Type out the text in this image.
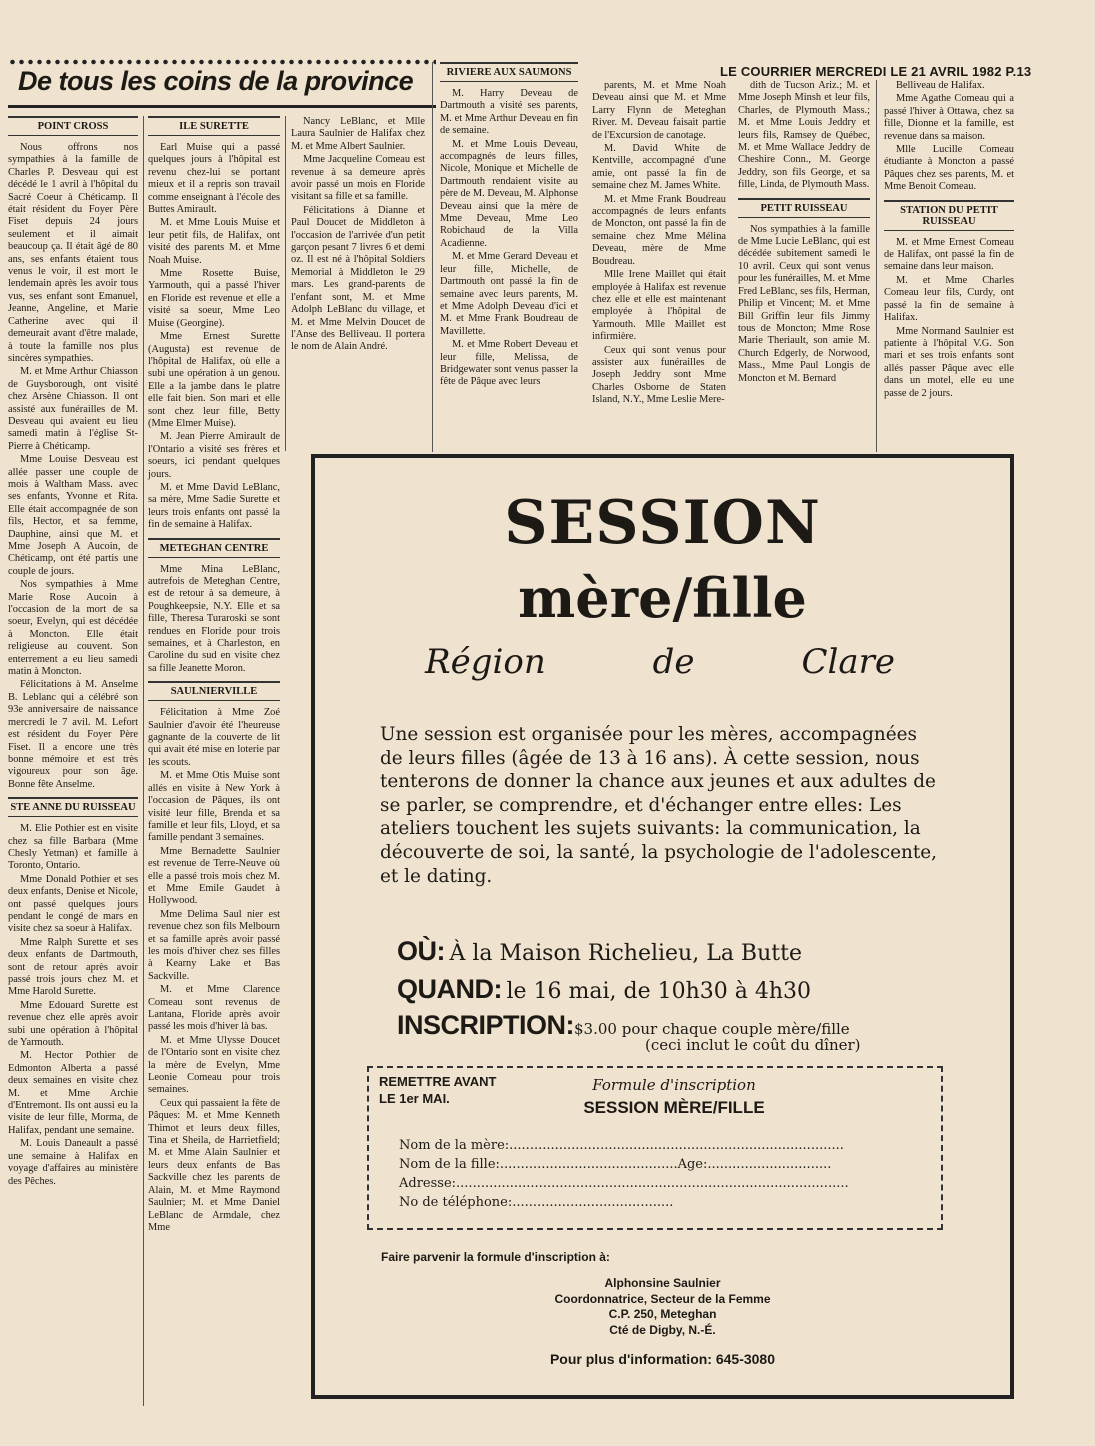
De tous les coins de la province	LE COURRIER MERCREDI LE 21 AVRIL 1982 P.13
POINT CROSS

Nous offrons nos sympathies à la famille de Charles P. Desveau qui est décédé le 1 avril à l'hôpital du Sacré Coeur à Chéticamp. Il était résident du Foyer Père Fiset depuis 24 jours seulement et il aimait beaucoup ça. Il était âgé de 80 ans, ses enfants étaient tous venus le voir, il est mort le lendemain après les avoir tous vus, ses enfant sont Emanuel, Jeanne, Angeline, et Marie Catherine avec qui il demeurait avant d'être malade, à toute la famille nos plus sincères sympathies.

M. et Mme Arthur Chiasson de Guysborough, ont visité chez Arsène Chiasson. Il ont assisté aux funérailles de M. Desveau qui avaient eu lieu samedi matin à l'église St-Pierre à Chéticamp.

Mme Louise Desveau est allée passer une couple de mois à Waltham Mass. avec ses enfants, Yvonne et Rita. Elle était accompagnée de son fils, Hector, et sa femme, Dauphine, ainsi que M. et Mme Joseph A Aucoin, de Chéticamp, ont été partis une couple de jours.

Nos sympathies à Mme Marie Rose Aucoin à l'occasion de la mort de sa soeur, Evelyn, qui est décédée à Moncton. Elle était religieuse au couvent. Son enterrement a eu lieu samedi matin à Moncton.

Félicitations à M. Anselme B. Leblanc qui a célébré son 93e anniversaire de naissance mercredi le 7 avil. M. Lefort est résident du Foyer Père Fiset. Il a encore une très bonne mémoire et est très vigoureux pour son âge. Bonne fête Anselme.

STE ANNE DU RUISSEAU

M. Elie Pothier est en visite chez sa fille Barbara (Mme Chesly Yetman) et famille à Toronto, Ontario.

Mme Donald Pothier et ses deux enfants, Denise et Nicole, ont passé quelques jours pendant le congé de mars en visite chez sa soeur à Halifax.

Mme Ralph Surette et ses deux enfants de Dartmouth, sont de retour après avoir passé trois jours chez M. et Mme Harold Surette.

Mme Edouard Surette est revenue chez elle après avoir subi une opération à l'hôpital de Yarmouth.

M. Hector Pothier de Edmonton Alberta a passé deux semaines en visite chez M. et Mme Archie d'Entremont. Ils ont aussi eu la visite de leur fille, Morma, de Halifax, pendant une semaine.

M. Louis Daneault a passé une semaine à Halifax en voyage d'affaires au ministère des Pêches.

ILE SURETTE

Earl Muise qui a passé quelques jours à l'hôpital est revenu chez-lui se portant mieux et il a repris son travail comme enseignant à l'école des Buttes Amirault.

M. et Mme Louis Muise et leur petit fils, de Halifax, ont visité des parents M. et Mme Noah Muise.

Mme Rosette Buise, Yarmouth, qui a passé l'hiver en Floride est revenue et elle a visité sa soeur, Mme Leo Muise (Georgine).

Mme Ernest Surette (Augusta) est revenue de l'hôpital de Halifax, où elle a subi une opération à un genou. Elle a la jambe dans le platre elle fait bien. Son mari et elle sont chez leur fille, Betty (Mme Elmer Muise).

M. Jean Pierre Amirault de l'Ontario a visité ses frères et soeurs, ici pendant quelques jours.

M. et Mme David LeBlanc, sa mère, Mme Sadie Surette et leurs trois enfants ont passé la fin de semaine à Halifax.

METEGHAN CENTRE

Mme Mina LeBlanc, autrefois de Meteghan Centre, est de retour à sa demeure, à Poughkeepsie, N.Y. Elle et sa fille, Theresa Turaroski se sont rendues en Floride pour trois semaines, et à Charleston, en Caroline du sud en visite chez sa fille Jeanette Moron.

SAULNIERVILLE

Félicitation à Mme Zoé Saulnier d'avoir été l'heureuse gagnante de la couverte de lit qui avait été mise en loterie par les scouts.

M. et Mme Otis Muise sont allés en visite à New York à l'occasion de Pâques, ils ont visité leur fille, Brenda et sa famille et leur fils, Lloyd, et sa famille pendant 3 semaines.

Mme Bernadette Saulnier est revenue de Terre-Neuve où elle a passé trois mois chez M. et Mme Emile Gaudet à Hollywood.

Mme Delima Saul nier est revenue chez son fils Melbourn et sa famille après avoir passé les mois d'hiver chez ses filles à Kearny Lake et Bas Sackville.

M. et Mme Clarence Comeau sont revenus de Lantana, Floride après avoir passé les mois d'hiver là bas.

M. et Mme Ulysse Doucet de l'Ontario sont en visite chez la mère de Evelyn, Mme Leonie Comeau pour trois semaines.

Ceux qui passaient la fête de Pâques: M. et Mme Kenneth Thimot et leurs deux filles, Tina et Sheila, de Harrietfield; M. et Mme Alain Saulnier et leurs deux enfants de Bas Sackville chez les parents de Alain, M. et Mme Raymond Saulnier; M. et Mme Daniel LeBlanc de Armdale, chez Mme

Nancy LeBlanc, et Mlle Laura Saulnier de Halifax chez M. et Mme Albert Saulnier.

Mme Jacqueline Comeau est revenue à sa demeure après avoir passé un mois en Floride visitant sa fille et sa famille.

Félicitations à Dianne et Paul Doucet de Middleton à l'occasion de l'arrivée d'un petit garçon pesant 7 livres 6 et demi oz. Il est né à l'hôpital Soldiers Memorial à Middleton le 29 mars. Les grand-parents de l'enfant sont, M. et Mme Adolph LeBlanc du village, et M. et Mme Melvin Doucet de l'Anse des Belliveau. Il portera le nom de Alain André.

RIVIERE AUX SAUMONS

M. Harry Deveau de Dartmouth a visité ses parents, M. et Mme Arthur Deveau en fin de semaine.

M. et Mme Louis Deveau, accompagnés de leurs filles, Nicole, Monique et Michelle de Dartmouth rendaient visite au père de M. Deveau, M. Alphonse Deveau ainsi que la mère de Mme Deveau, Mme Leo Robichaud de la Villa Acadienne.

M. et Mme Gerard Deveau et leur fille, Michelle, de Dartmouth ont passé la fin de semaine avec leurs parents, M. et Mme Adolph Deveau d'ici et M. et Mme Frank Boudreau de Mavillette.

M. et Mme Robert Deveau et leur fille, Melissa, de Bridgewater sont venus passer la fête de Pâque avec leurs

parents, M. et Mme Noah Deveau ainsi que M. et Mme Larry Flynn de Meteghan River. M. Deveau faisait partie de l'Excursion de canotage.

M. David White de Kentville, accompagné d'une amie, ont passé la fin de semaine chez M. James White.

M. et Mme Frank Boudreau accompagnés de leurs enfants de Moncton, ont passé la fin de semaine chez Mme Mélina Deveau, mère de Mme Boudreau.

Mlle Irene Maillet qui était employée à Halifax est revenue chez elle et elle est maintenant employée à l'hôpital de Yarmouth. Mlle Maillet est infirmière.

Ceux qui sont venus pour assister aux funérailles de Joseph Jeddry sont Mme Charles Osborne de Staten Island, N.Y., Mme Leslie Mere-

dith de Tucson Ariz.; M. et Mme Joseph Minsh et leur fils, Charles, de Plymouth Mass.; M. et Mme Louis Jeddry et leurs fils, Ramsey de Québec, M. et Mme Wallace Jeddry de Cheshire Conn., M. George Jeddry, son fils George, et sa fille, Linda, de Plymouth Mass.

PETIT RUISSEAU

Nos sympathies à la famille de Mme Lucie LeBlanc, qui est décédée subitement samedi le 10 avril. Ceux qui sont venus pour les funérailles, M. et Mme Fred LeBlanc, ses fils, Herman, Philip et Vincent; M. et Mme Bill Griffin leur fils Jimmy tous de Moncton; Mme Rose Marie Theriault, son amie M. Church Edgerly, de Norwood, Mass., Mme Paul Longis de Moncton et M. Bernard

Belliveau de Halifax.

Mme Agathe Comeau qui a passé l'hiver à Ottawa, chez sa fille, Dionne et la famille, est revenue dans sa maison.

Mlle Lucille Comeau étudiante à Moncton a passé Pâques chez ses parents, M. et Mme Benoit Comeau.

STATION DU PETIT RUISSEAU

M. et Mme Ernest Comeau de Halifax, ont passé la fin de semaine dans leur maison.

M. et Mme Charles Comeau leur fils, Curdy, ont passé la fin de semaine à Halifax.

Mme Normand Saulnier est patiente à l'hôpital V.G. Son mari et ses trois enfants sont allés passer Pâque avec elle dans un motel, elle eu une passe de 2 jours.

SESSION
mère/fille
Région	de	Clare
Une session est organisée pour les mères, accompagnées de leurs filles (âgée de 13 à 16 ans). À cette session, nous tenterons de donner la chance aux jeunes et aux adultes de se parler, se comprendre, et d'échanger entre elles: Les ateliers touchent les sujets suivants: la communication, la découverte de soi, la santé, la psychologie de l'adolescente, et le dating.
OÙ: À la Maison Richelieu, La Butte
QUAND: le 16 mai, de 10h30 à 4h30
INSCRIPTION:$3.00 pour chaque couple mère/fille
(ceci inclut le coût du dîner)
REMETTRE AVANT
LE 1er MAI.
Formule d'inscription
SESSION MÈRE/FILLE
Nom de la mère:.................................................................................
Nom de la fille:...........................................Age:..............................
Adresse:...............................................................................................
No de téléphone:.......................................
Faire parvenir la formule d'inscription à:
Alphonsine Saulnier
Coordonnatrice, Secteur de la Femme
C.P. 250, Meteghan
Cté de Digby, N.-É.
Pour plus d'information: 645-3080
